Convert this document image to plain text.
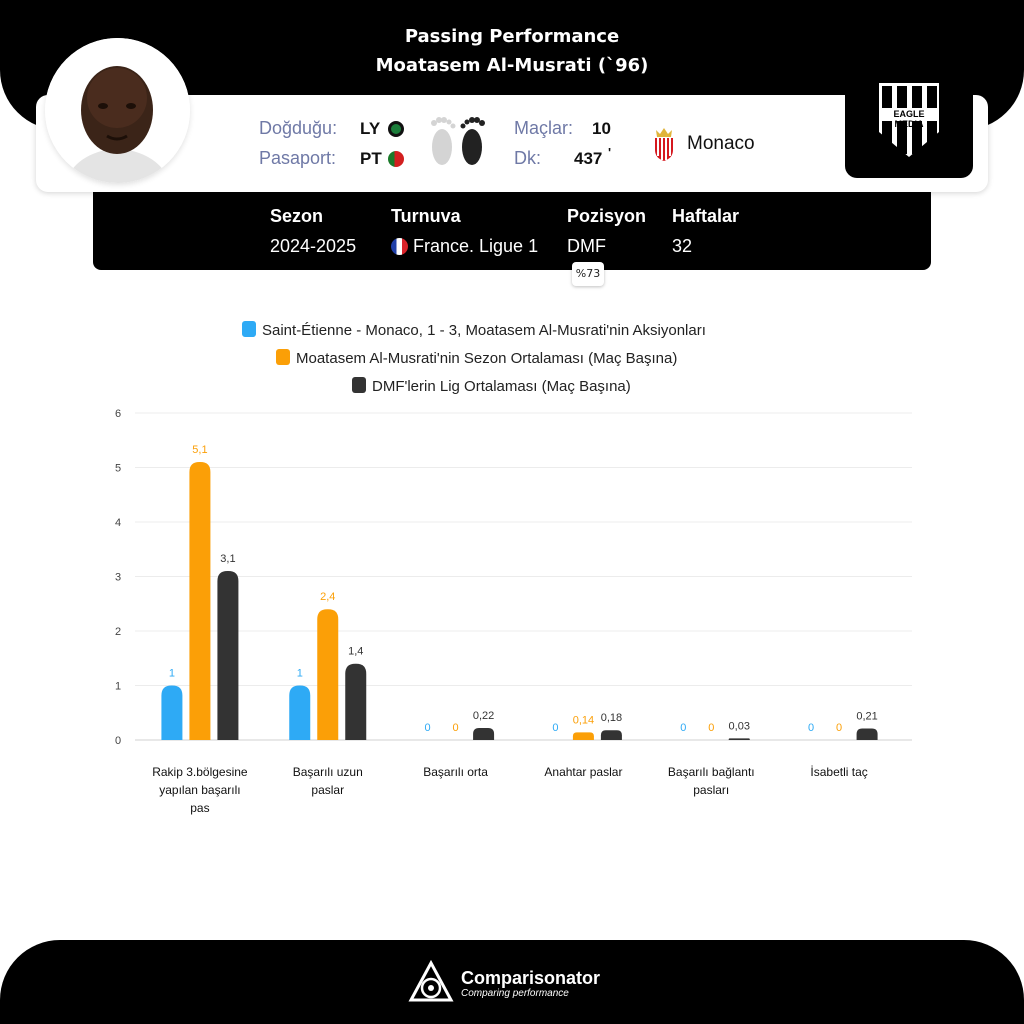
Passing Performance
Moatasem Al-Musrati (`96)
Doğduğu: LY
Pasaport: PT
Maçlar: 10
Dk: 437 '	Monaco
EAGLE MEDIA
Sezon
2024-2025
Turnuva
France. Ligue 1
Pozisyon
DMF
Haftalar
32
%73
Saint-Étienne - Monaco, 1 - 3, Moatasem Al-Musrati'nin Aksiyonları
Moatasem Al-Musrati'nin Sezon Ortalaması (Maç Başına)
DMF'lerin Lig Ortalaması (Maç Başına)
0
1
2
3
4
5
6
1
5,1
3,1
Rakip 3.bölgesine yapılan başarılı pas
1
2,4
1,4
Başarılı uzun paslar
0 0
0,22
Başarılı orta
0
0,14 0,18
Anahtar paslar
0 0 0,03
Başarılı bağlantı pasları
0 0
0,21
İsabetli taç
Comparisonator
Comparing performance
